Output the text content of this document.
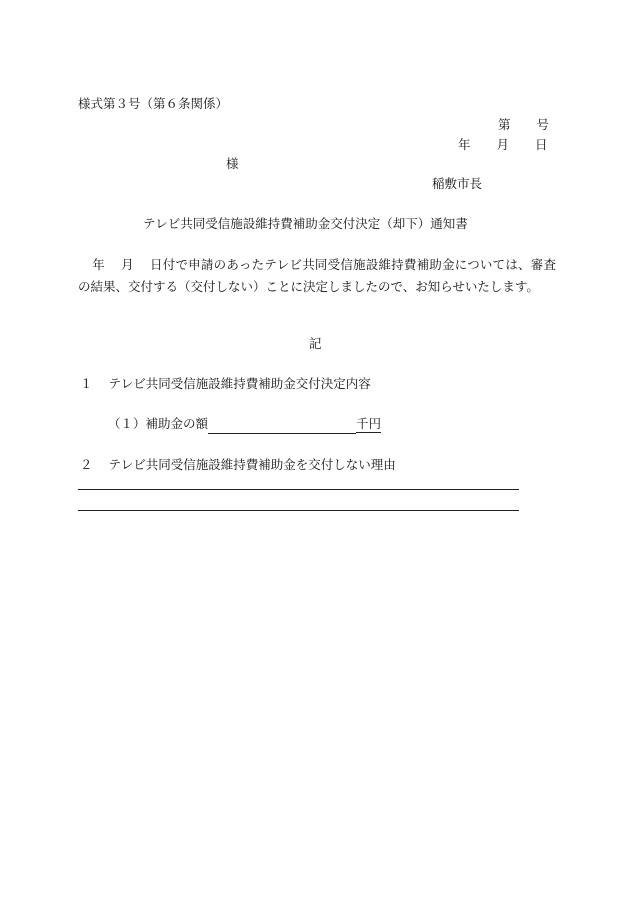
様式第３号（第６条関係）
第 号
年 月 日
様
稲敷市長
テレビ共同受信施設維持費補助金交付決定（却下）通知書
年 月 日付で申請のあったテレビ共同受信施設維持費補助金については、審査の結果、交付する（交付しない）ことに決定しましたので、お知らせいたします。
記
１ テレビ共同受信施設維持費補助金交付決定内容
（１）補助金の額	千円
２ テレビ共同受信施設維持費補助金を交付しない理由
